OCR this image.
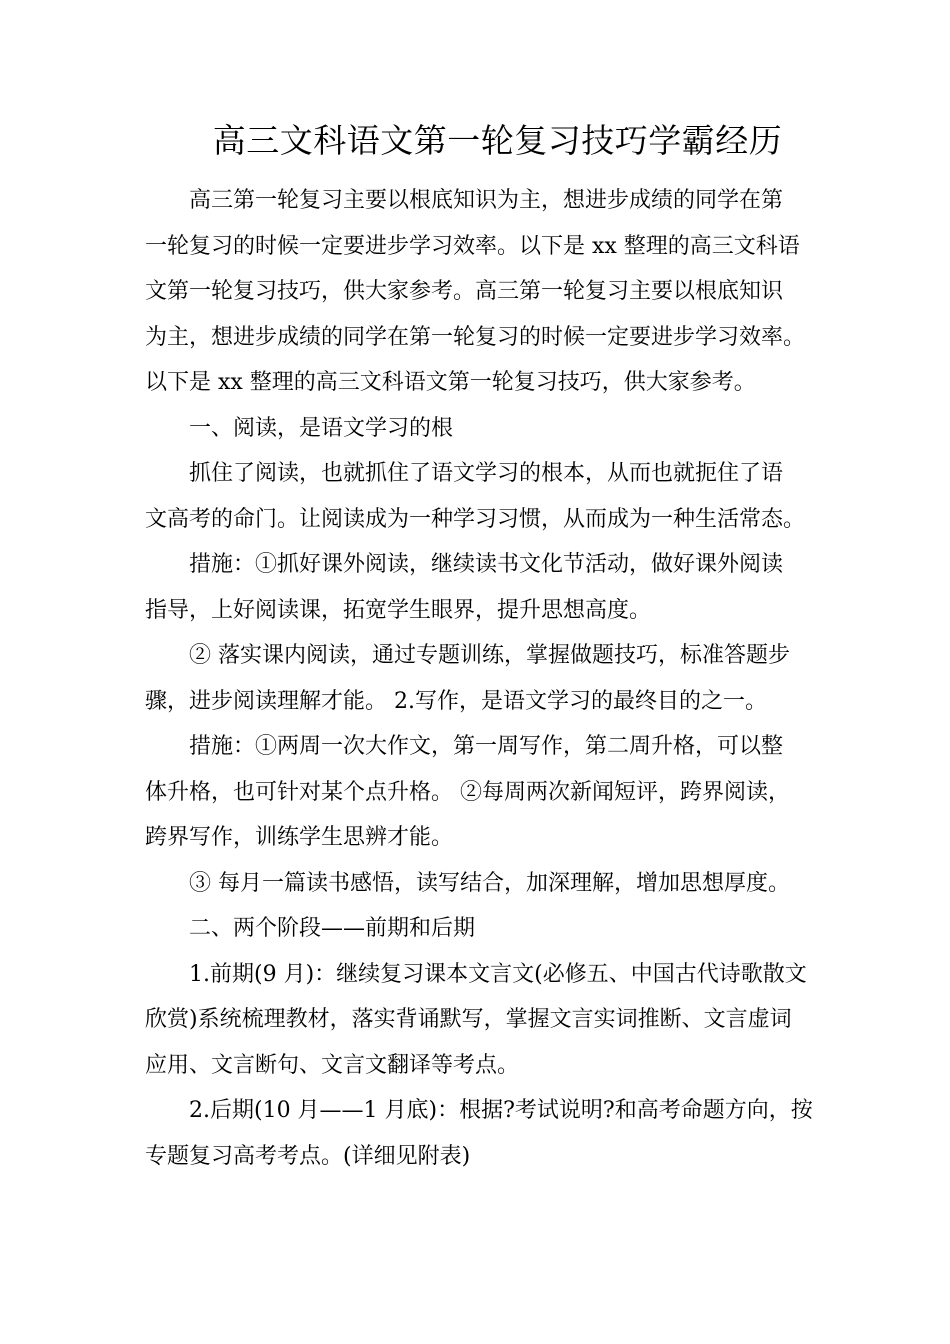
高三文科语文第一轮复习技巧学霸经历
高三第一轮复习主要以根底知识为主，想进步成绩的同学在第
一轮复习的时候一定要进步学习效率。以下是 xx 整理的高三文科语
文第一轮复习技巧，供大家参考。高三第一轮复习主要以根底知识
为主，想进步成绩的同学在第一轮复习的时候一定要进步学习效率。
以下是 xx 整理的高三文科语文第一轮复习技巧，供大家参考。
一、阅读，是语文学习的根
抓住了阅读，也就抓住了语文学习的根本，从而也就扼住了语
文高考的命门。让阅读成为一种学习习惯，从而成为一种生活常态。
措施：①抓好课外阅读，继续读书文化节活动，做好课外阅读
指导，上好阅读课，拓宽学生眼界，提升思想高度。
② 落实课内阅读，通过专题训练，掌握做题技巧，标准答题步
骤，进步阅读理解才能。 2.写作，是语文学习的最终目的之一。
措施：①两周一次大作文，第一周写作，第二周升格，可以整
体升格，也可针对某个点升格。 ②每周两次新闻短评，跨界阅读，
跨界写作，训练学生思辨才能。
③ 每月一篇读书感悟，读写结合，加深理解，增加思想厚度。
二、两个阶段——前期和后期
1.前期(9 月)：继续复习课本文言文(必修五、中国古代诗歌散文
欣赏)系统梳理教材，落实背诵默写，掌握文言实词推断、文言虚词
应用、文言断句、文言文翻译等考点。
2.后期(10 月——1 月底)：根据?考试说明?和高考命题方向，按
专题复习高考考点。(详细见附表)
